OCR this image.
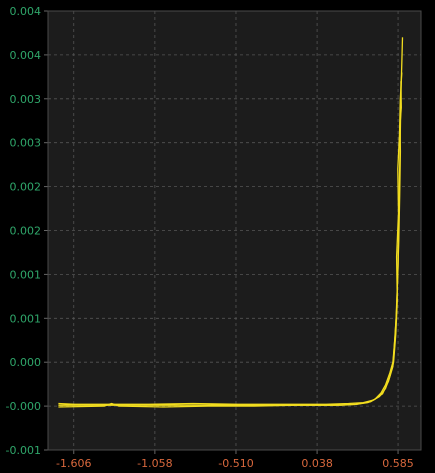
0.004
0.004
0.003
0.003
0.002
0.002
0.001
0.001
0.000
-0.000
-0.001
-1.606	-1.058	-0.510	0.038	0.585
